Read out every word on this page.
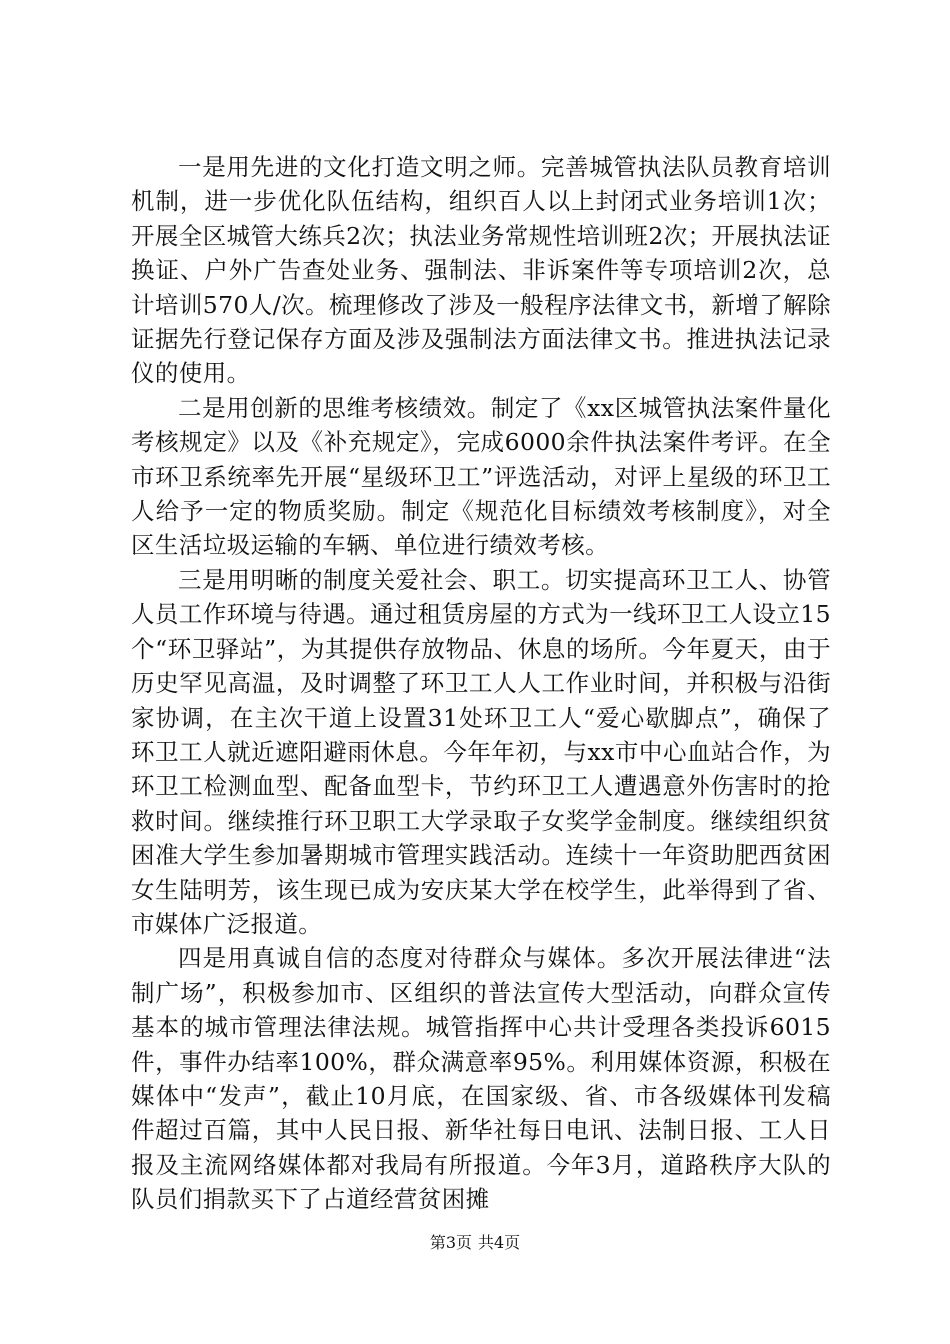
一是用先进的文化打造文明之师。完善城管执法队员教育培训机制，进一步优化队伍结构，组织百人以上封闭式业务培训1次；开展全区城管大练兵2次；执法业务常规性培训班2次；开展执法证换证、户外广告查处业务、强制法、非诉案件等专项培训2次，总计培训570人/次。梳理修改了涉及一般程序法律文书，新增了解除证据先行登记保存方面及涉及强制法方面法律文书。推进执法记录仪的使用。

二是用创新的思维考核绩效。制定了《xx区城管执法案件量化考核规定》以及《补充规定》，完成6000余件执法案件考评。在全市环卫系统率先开展“星级环卫工”评选活动，对评上星级的环卫工人给予一定的物质奖励。制定《规范化目标绩效考核制度》，对全区生活垃圾运输的车辆、单位进行绩效考核。

三是用明晰的制度关爱社会、职工。切实提高环卫工人、协管人员工作环境与待遇。通过租赁房屋的方式为一线环卫工人设立15个“环卫驿站”，为其提供存放物品、休息的场所。今年夏天，由于历史罕见高温，及时调整了环卫工人人工作业时间，并积极与沿街家协调，在主次干道上设置31处环卫工人“爱心歇脚点”，确保了环卫工人就近遮阳避雨休息。今年年初，与xx市中心血站合作，为环卫工检测血型、配备血型卡，节约环卫工人遭遇意外伤害时的抢救时间。继续推行环卫职工大学录取子女奖学金制度。继续组织贫困准大学生参加暑期城市管理实践活动。连续十一年资助肥西贫困女生陆明芳，该生现已成为安庆某大学在校学生，此举得到了省、市媒体广泛报道。

四是用真诚自信的态度对待群众与媒体。多次开展法律进“法制广场”，积极参加市、区组织的普法宣传大型活动，向群众宣传基本的城市管理法律法规。城管指挥中心共计受理各类投诉6015件，事件办结率100%，群众满意率95%。利用媒体资源，积极在媒体中“发声”，截止10月底，在国家级、省、市各级媒体刊发稿件超过百篇，其中人民日报、新华社每日电讯、法制日报、工人日报及主流网络媒体都对我局有所报道。今年3月，道路秩序大队的队员们捐款买下了占道经营贫困摊

第3页 共4页
